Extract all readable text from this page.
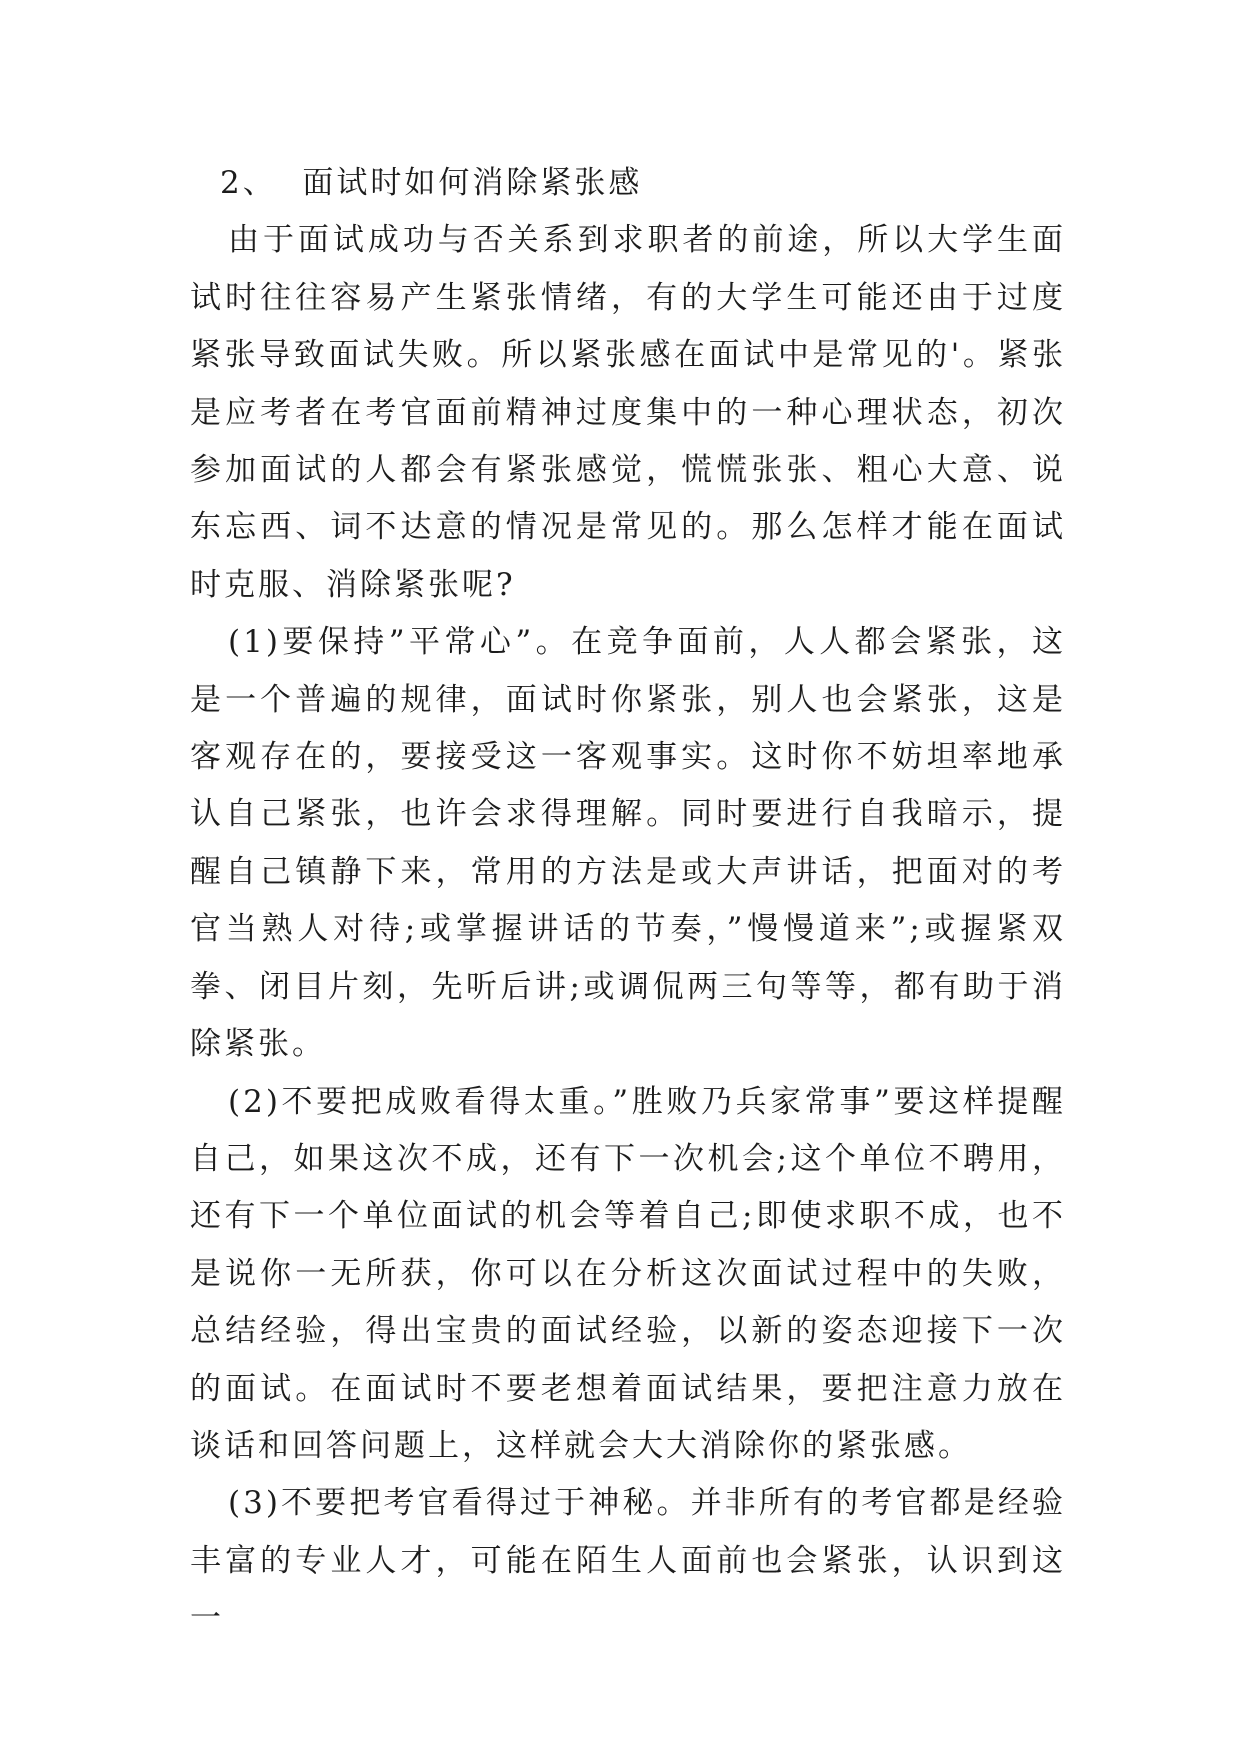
2、  面试时如何消除紧张感

由于面试成功与否关系到求职者的前途，所以大学生面试时往往容易产生紧张情绪，有的大学生可能还由于过度紧张导致面试失败。所以紧张感在面试中是常见的'。紧张是应考者在考官面前精神过度集中的一种心理状态，初次参加面试的人都会有紧张感觉，慌慌张张、粗心大意、说东忘西、词不达意的情况是常见的。那么怎样才能在面试时克服、消除紧张呢?

(1)要保持”平常心”。在竞争面前，人人都会紧张，这是一个普遍的规律，面试时你紧张，别人也会紧张，这是客观存在的，要接受这一客观事实。这时你不妨坦率地承认自己紧张，也许会求得理解。同时要进行自我暗示，提醒自己镇静下来，常用的方法是或大声讲话，把面对的考官当熟人对待;或掌握讲话的节奏，”慢慢道来”;或握紧双拳、闭目片刻，先听后讲;或调侃两三句等等，都有助于消除紧张。

(2)不要把成败看得太重。”胜败乃兵家常事”要这样提醒自己，如果这次不成，还有下一次机会;这个单位不聘用，还有下一个单位面试的机会等着自己;即使求职不成，也不是说你一无所获，你可以在分析这次面试过程中的失败，总结经验，得出宝贵的面试经验，以新的姿态迎接下一次的面试。在面试时不要老想着面试结果，要把注意力放在谈话和回答问题上，这样就会大大消除你的紧张感。

(3)不要把考官看得过于神秘。并非所有的考官都是经验丰富的专业人才，可能在陌生人面前也会紧张，认识到这一
